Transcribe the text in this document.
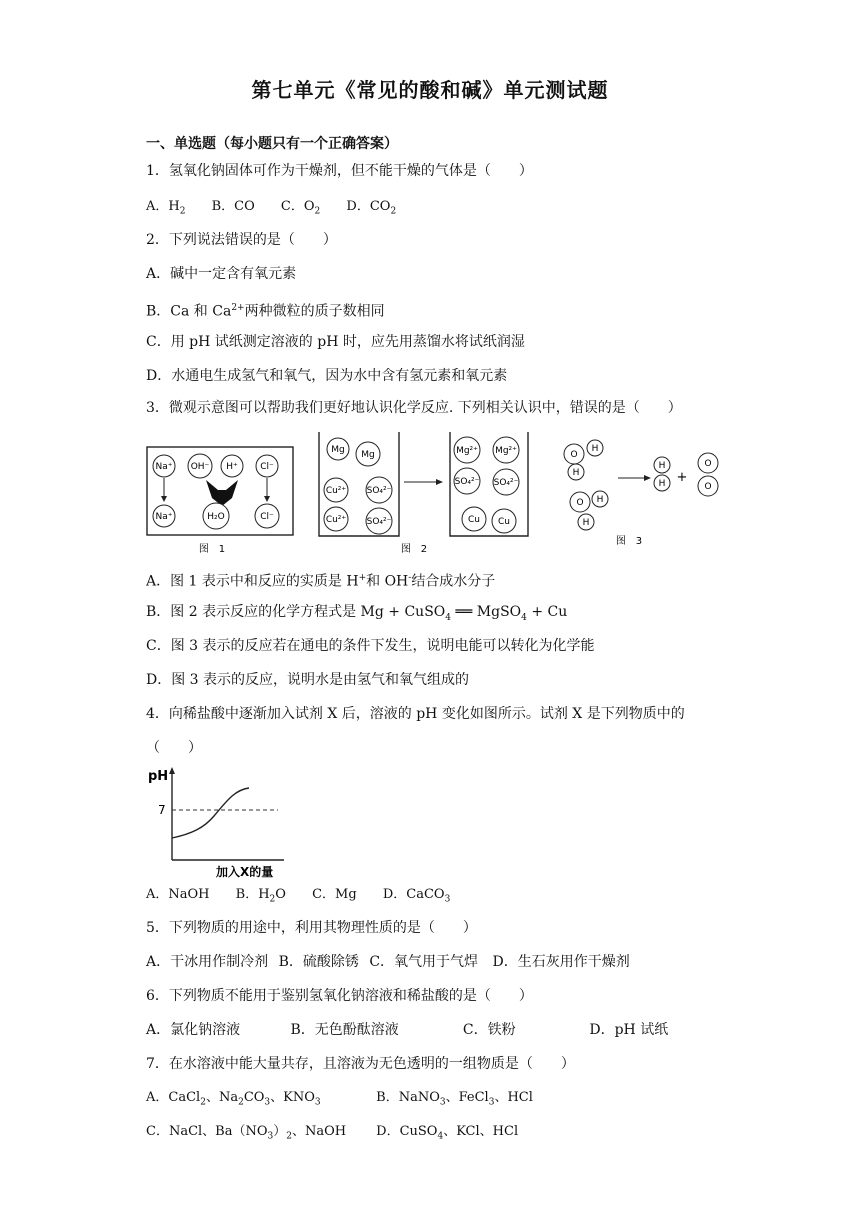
第七单元《常见的酸和碱》单元测试题
一、单选题（每小题只有一个正确答案）
1．氢氧化钠固体可作为干燥剂，但不能干燥的气体是（　　）
A．$H_2$ B．CO C．$O_2$ D．$CO_2$
2．下列说法错误的是（　　）
A．碱中一定含有氧元素
B．Ca 和 $Ca^{2+}$两种微粒的质子数相同
C．用 pH 试纸测定溶液的 pH 时，应先用蒸馏水将试纸润湿
D．水通电生成氢气和氧气，因为水中含有氢元素和氧元素
3．微观示意图可以帮助我们更好地认识化学反应. 下列相关认识中，错误的是（　　）
Na⁺ OH⁻ H⁺ Cl⁻
Na⁺	H₂O	Cl⁻
图　1
Mg Mg
Cu²⁺ SO₄²⁻
Cu²⁺ SO₄²⁻
Mg²⁺ Mg²⁺
SO₄²⁻ SO₄²⁻
Cu Cu
图　2
O
H
H
O H
H
H
H +
O
O
图　3
A．图 1 表示中和反应的实质是 H+和 OH-结合成水分子
B．图 2 表示反应的化学方程式是 Mg + CuSO$_4$ ══ MgSO$_4$ + Cu
C．图 3 表示的反应若在通电的条件下发生，说明电能可以转化为化学能
D．图 3 表示的反应，说明水是由氢气和氧气组成的
4．向稀盐酸中逐渐加入试剂 X 后，溶液的 pH 变化如图所示。试剂 X 是下列物质中的
（　　）
pH
7
加入X的量
A．NaOH B．$H_2O$ C．Mg D．CaCO$_3$
5．下列物质的用途中，利用其物理性质的是（　　）
A．干冰用作制冷剂 B．硫酸除锈 C．氧气用于气焊 D．生石灰用作干燥剂
6．下列物质不能用于鉴别氢氧化钠溶液和稀盐酸的是（　　）
A．氯化钠溶液	B．无色酚酞溶液	C．铁粉	D．pH 试纸
7．在水溶液中能大量共存，且溶液为无色透明的一组物质是（　　）
A．CaCl$_2$、$Na_2CO_3$、$KNO_3$	B．NaNO$_3$、FeCl$_3$、HCl
C．NaCl、$Ba(NO_3)_2$、NaOH D．CuSO$_4$、KCl、HCl
